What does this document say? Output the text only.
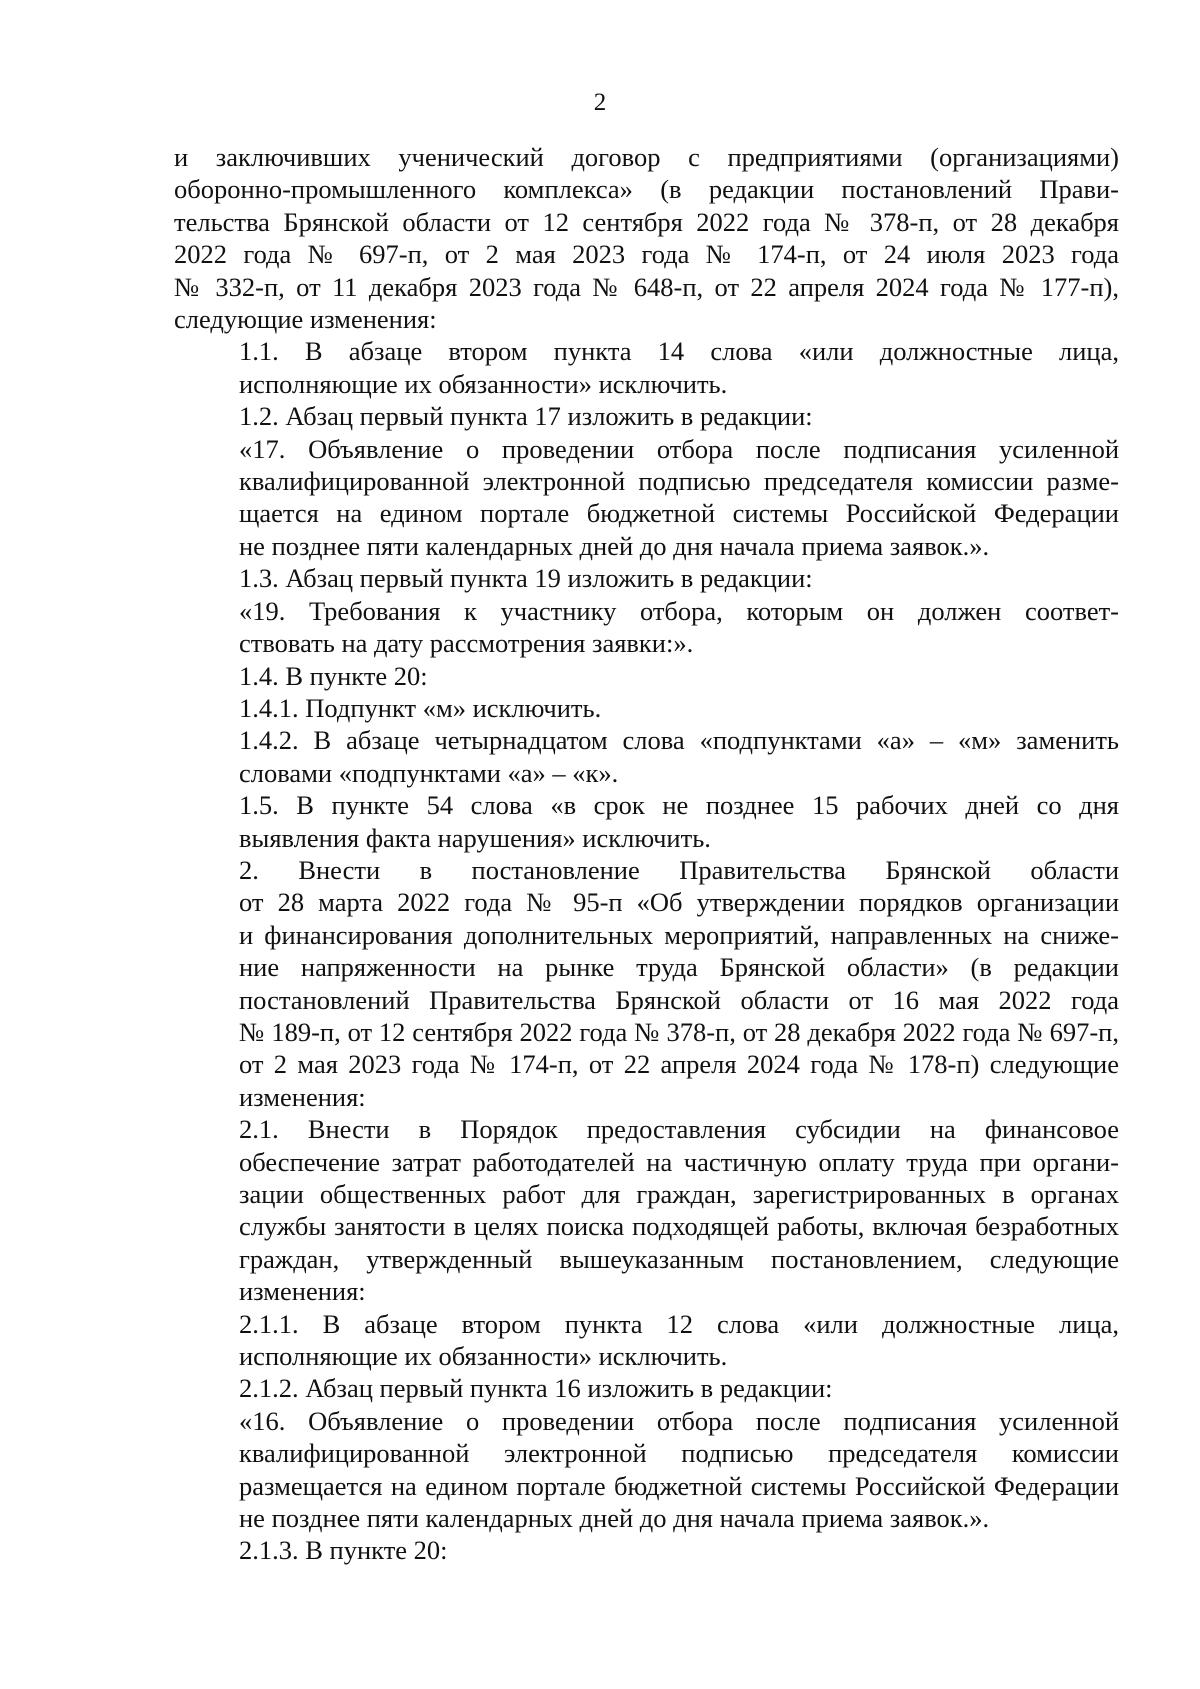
2

и заключивших ученический договор с предприятиями (организациями)
оборонно-промышленного комплекса» (в редакции постановлений Прави-
тельства Брянской области от 12 сентября 2022 года № 378-п, от 28 декабря
2022 года № 697-п, от 2 мая 2023 года № 174-п, от 24 июля 2023 года
№ 332-п, от 11 декабря 2023 года № 648-п, от 22 апреля 2024 года № 177-п),
следующие изменения:

1.1. В абзаце втором пункта 14 слова «или должностные лица,
исполняющие их обязанности» исключить.

1.2. Абзац первый пункта 17 изложить в редакции:

«17. Объявление о проведении отбора после подписания усиленной
квалифицированной электронной подписью председателя комиссии разме-
щается на едином портале бюджетной системы Российской Федерации
не позднее пяти календарных дней до дня начала приема заявок.».

1.3. Абзац первый пункта 19 изложить в редакции:

«19. Требования к участнику отбора, которым он должен соответ-
ствовать на дату рассмотрения заявки:».

1.4. В пункте 20:

1.4.1. Подпункт «м» исключить.

1.4.2. В абзаце четырнадцатом слова «подпунктами «а» – «м» заменить
словами «подпунктами «а» – «к».

1.5. В пункте 54 слова «в срок не позднее 15 рабочих дней со дня
выявления факта нарушения» исключить.

2. Внести в постановление Правительства Брянской области
от 28 марта 2022 года № 95-п «Об утверждении порядков организации
и финансирования дополнительных мероприятий, направленных на сниже-
ние напряженности на рынке труда Брянской области» (в редакции
постановлений Правительства Брянской области от 16 мая 2022 года
№ 189-п, от 12 сентября 2022 года № 378-п, от 28 декабря 2022 года № 697-п,
от 2 мая 2023 года № 174-п, от 22 апреля 2024 года № 178-п) следующие
изменения:

2.1. Внести в Порядок предоставления субсидии на финансовое
обеспечение затрат работодателей на частичную оплату труда при органи-
зации общественных работ для граждан, зарегистрированных в органах
службы занятости в целях поиска подходящей работы, включая безработных
граждан, утвержденный вышеуказанным постановлением, следующие
изменения:

2.1.1. В абзаце втором пункта 12 слова «или должностные лица,
исполняющие их обязанности» исключить.

2.1.2. Абзац первый пункта 16 изложить в редакции:

«16. Объявление о проведении отбора после подписания усиленной
квалифицированной электронной подписью председателя комиссии
размещается на едином портале бюджетной системы Российской Федерации
не позднее пяти календарных дней до дня начала приема заявок.».

2.1.3. В пункте 20:
